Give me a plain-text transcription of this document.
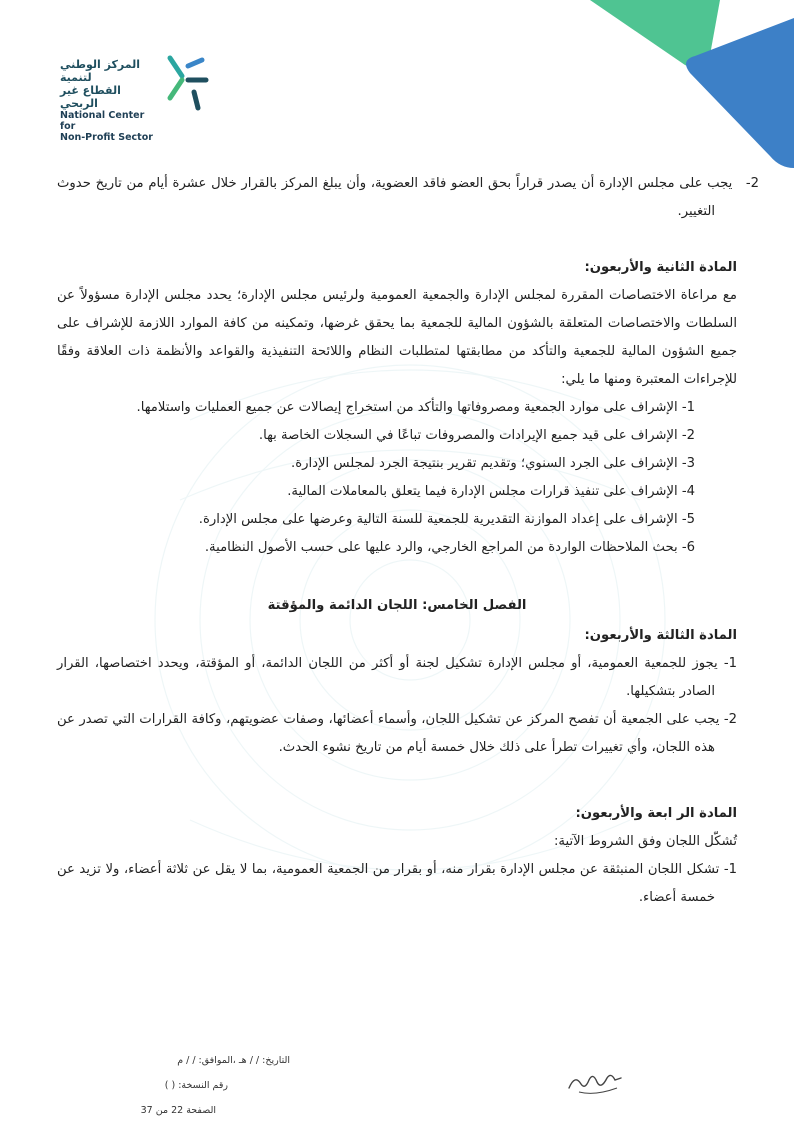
المركز الوطني لتنمية
القطاع غير الربحي
National Center for
Non-Profit Sector

2- يجب على مجلس الإدارة أن يصدر قراراً بحق العضو فاقد العضوية، وأن يبلغ المركز بالقرار خلال عشرة أيام من تاريخ حدوث التغيير.

المادة الثانية والأربعون:

مع مراعاة الاختصاصات المقررة لمجلس الإدارة والجمعية العمومية ولرئيس مجلس الإدارة؛ يحدد مجلس الإدارة مسؤولاً عن السلطات والاختصاصات المتعلقة بالشؤون المالية للجمعية بما يحقق غرضها، وتمكينه من كافة الموارد اللازمة للإشراف على جميع الشؤون المالية للجمعية والتأكد من مطابقتها لمتطلبات النظام واللائحة التنفيذية والقواعد والأنظمة ذات العلاقة وفقًا للإجراءات المعتبرة ومنها ما يلي:

1- الإشراف على موارد الجمعية ومصروفاتها والتأكد من استخراج إيصالات عن جميع العمليات واستلامها.

2- الإشراف على قيد جميع الإيرادات والمصروفات تباعًا في السجلات الخاصة بها.

3- الإشراف على الجرد السنوي؛ وتقديم تقرير بنتيجة الجرد لمجلس الإدارة.

4- الإشراف على تنفيذ قرارات مجلس الإدارة فيما يتعلق بالمعاملات المالية.

5- الإشراف على إعداد الموازنة التقديرية للجمعية للسنة التالية وعرضها على مجلس الإدارة.

6- بحث الملاحظات الواردة من المراجع الخارجي، والرد عليها على حسب الأصول النظامية.

الفصل الخامس: اللجان الدائمة والمؤقتة

المادة الثالثة والأربعون:

1- يجوز للجمعية العمومية، أو مجلس الإدارة تشكيل لجنة أو أكثر من اللجان الدائمة، أو المؤقتة، ويحدد اختصاصها، القرار الصادر بتشكيلها.

2- يجب على الجمعية أن تفصح المركز عن تشكيل اللجان، وأسماء أعضائها، وصفات عضويتهم، وكافة القرارات التي تصدر عن هذه اللجان، وأي تغييرات تطرأ على ذلك خلال خمسة أيام من تاريخ نشوء الحدث.

المادة الر ابعة والأربعون:

تُشكّل اللجان وفق الشروط الآتية:

1- تشكل اللجان المنبثقة عن مجلس الإدارة بقرار منه، أو بقرار من الجمعية العمومية، بما لا يقل عن ثلاثة أعضاء، ولا تزيد عن خمسة أعضاء.

التاريخ: / / هـ ،الموافق: / / م
رقم النسخة: ( )
الصفحة 22 من 37
